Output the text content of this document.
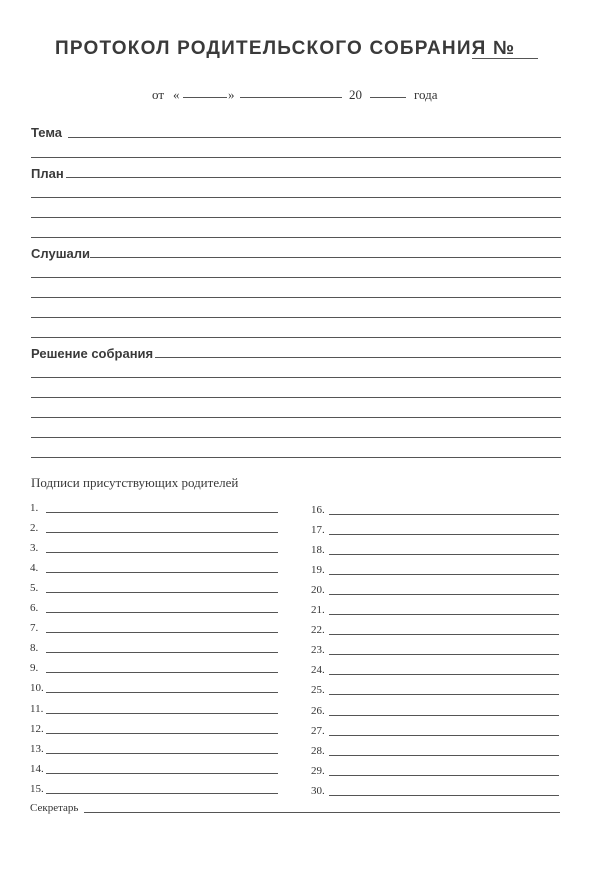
ПРОТОКОЛ РОДИТЕЛЬСКОГО СОБРАНИЯ №
от «	»	20	года
Тема
План
Слушали
Решение собрания
Подписи присутствующих родителей
1.
2.
3.
4.
5.
6.
7.
8.
9.
10.
11.
12.
13.
14.
15.
16.
17.
18.
19.
20.
21.
22.
23.
24.
25.
26.
27.
28.
29.
30.
Секретарь
